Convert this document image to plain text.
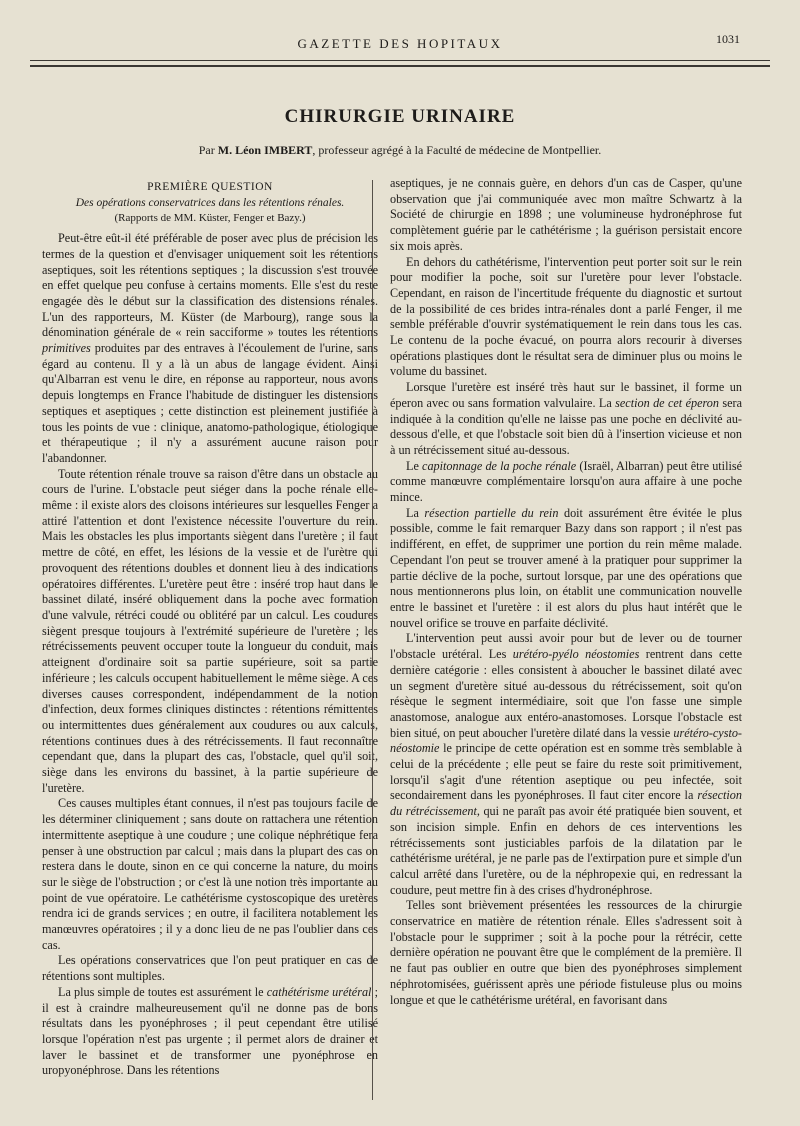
GAZETTE DES HOPITAUX	1031
CHIRURGIE URINAIRE
Par M. Léon IMBERT, professeur agrégé à la Faculté de médecine de Montpellier.

PREMIÈRE QUESTION

Des opérations conservatrices dans les rétentions rénales.

(Rapports de MM. Küster, Fenger et Bazy.)

Peut-être eût-il été préférable de poser avec plus de précision les termes de la question et d'envisager uniquement soit les rétentions aseptiques, soit les rétentions septiques ; la discussion s'est trouvée en effet quelque peu confuse à certains moments. Elle s'est du reste engagée dès le début sur la classification des distensions rénales. L'un des rapporteurs, M. Küster (de Marbourg), range sous la dénomination générale de « rein sacciforme » toutes les rétentions primitives produites par des entraves à l'écoulement de l'urine, sans égard au contenu. Il y a là un abus de langage évident. Ainsi qu'Albarran est venu le dire, en réponse au rapporteur, nous avons depuis longtemps en France l'habitude de distinguer les distensions septiques et aseptiques ; cette distinction est pleinement justifiée à tous les points de vue : clinique, anatomo-pathologique, étiologique et thérapeutique ; il n'y a assurément aucune raison pour l'abandonner.

Toute rétention rénale trouve sa raison d'être dans un obstacle au cours de l'urine. L'obstacle peut siéger dans la poche rénale elle-même : il existe alors des cloisons intérieures sur lesquelles Fenger a attiré l'attention et dont l'existence nécessite l'ouverture du rein. Mais les obstacles les plus importants siègent dans l'uretère ; il faut mettre de côté, en effet, les lésions de la vessie et de l'urètre qui provoquent des rétentions doubles et donnent lieu à des indications opératoires différentes. L'uretère peut être : inséré trop haut dans le bassinet dilaté, inséré obliquement dans la poche avec formation d'une valvule, rétréci coudé ou oblitéré par un calcul. Les coudures siègent presque toujours à l'extrémité supérieure de l'uretère ; les rétrécissements peuvent occuper toute la longueur du conduit, mais atteignent d'ordinaire soit sa partie supérieure, soit sa partie inférieure ; les calculs occupent habituellement le même siège. A ces diverses causes correspondent, indépendamment de la notion d'infection, deux formes cliniques distinctes : rétentions rémittentes ou intermittentes dues généralement aux coudures ou aux calculs, rétentions continues dues à des rétrécissements. Il faut reconnaître cependant que, dans la plupart des cas, l'obstacle, quel qu'il soit, siège dans les environs du bassinet, à la partie supérieure de l'uretère.

Ces causes multiples étant connues, il n'est pas toujours facile de les déterminer cliniquement ; sans doute on rattachera une rétention intermittente aseptique à une coudure ; une colique néphrétique fera penser à une obstruction par calcul ; mais dans la plupart des cas on restera dans le doute, sinon en ce qui concerne la nature, du moins sur le siège de l'obstruction ; or c'est là une notion très importante au point de vue opératoire. Le cathétérisme cystoscopique des uretères rendra ici de grands services ; en outre, il facilitera notablement les manœuvres opératoires ; il y a donc lieu de ne pas l'oublier dans ces cas.

Les opérations conservatrices que l'on peut pratiquer en cas de rétentions sont multiples.

La plus simple de toutes est assurément le cathétérisme urétéral ; il est à craindre malheureusement qu'il ne donne pas de bons résultats dans les pyonéphroses ; il peut cependant être utilisé lorsque l'opération n'est pas urgente ; il permet alors de drainer et laver le bassinet et de transformer une pyonéphrose en uropyonéphrose. Dans les rétentions

aseptiques, je ne connais guère, en dehors d'un cas de Casper, qu'une observation que j'ai communiquée avec mon maître Schwartz à la Société de chirurgie en 1898 ; une volumineuse hydronéphrose fut complètement guérie par le cathétérisme ; la guérison persistait encore six mois après.

En dehors du cathétérisme, l'intervention peut porter soit sur le rein pour modifier la poche, soit sur l'uretère pour lever l'obstacle. Cependant, en raison de l'incertitude fréquente du diagnostic et surtout de la possibilité de ces brides intra-rénales dont a parlé Fenger, il me semble préférable d'ouvrir systématiquement le rein dans tous les cas. Le contenu de la poche évacué, on pourra alors recourir à diverses opérations plastiques dont le résultat sera de diminuer plus ou moins le volume du bassinet.

Lorsque l'uretère est inséré très haut sur le bassinet, il forme un éperon avec ou sans formation valvulaire. La section de cet éperon sera indiquée à la condition qu'elle ne laisse pas une poche en déclivité au-dessous d'elle, et que l'obstacle soit bien dû à l'insertion vicieuse et non à un rétrécissement situé au-dessous.

Le capitonnage de la poche rénale (Israël, Albarran) peut être utilisé comme manœuvre complémentaire lorsqu'on aura affaire à une poche mince.

La résection partielle du rein doit assurément être évitée le plus possible, comme le fait remarquer Bazy dans son rapport ; il n'est pas indifférent, en effet, de supprimer une portion du rein même malade. Cependant l'on peut se trouver amené à la pratiquer pour supprimer la partie déclive de la poche, surtout lorsque, par une des opérations que nous mentionnerons plus loin, on établit une communication nouvelle entre le bassinet et l'uretère : il est alors du plus haut intérêt que le nouvel orifice se trouve en parfaite déclivité.

L'intervention peut aussi avoir pour but de lever ou de tourner l'obstacle urétéral. Les urétéro-pyélo néostomies rentrent dans cette dernière catégorie : elles consistent à aboucher le bassinet dilaté avec un segment d'uretère situé au-dessous du rétrécissement, soit qu'on résèque le segment intermédiaire, soit que l'on fasse une simple anastomose, analogue aux entéro-anastomoses. Lorsque l'obstacle est bien situé, on peut aboucher l'uretère dilaté dans la vessie urétéro-cysto-néostomie le principe de cette opération est en somme très semblable à celui de la précédente ; elle peut se faire du reste soit primitivement, lorsqu'il s'agit d'une rétention aseptique ou peu infectée, soit secondairement dans les pyonéphroses. Il faut citer encore la résection du rétrécissement, qui ne paraît pas avoir été pratiquée bien souvent, et son incision simple. Enfin en dehors de ces interventions les rétrécissements sont justiciables parfois de la dilatation par le cathétérisme urétéral, je ne parle pas de l'extirpation pure et simple d'un calcul arrêté dans l'uretère, ou de la néphropexie qui, en redressant la coudure, peut mettre fin à des crises d'hydronéphrose.

Telles sont brièvement présentées les ressources de la chirurgie conservatrice en matière de rétention rénale. Elles s'adressent soit à l'obstacle pour le supprimer ; soit à la poche pour la rétrécir, cette dernière opération ne pouvant être que le complément de la première. Il ne faut pas oublier en outre que bien des pyonéphroses simplement néphrotomisées, guérissent après une période fistuleuse plus ou moins longue et que le cathétérisme urétéral, en favorisant dans
